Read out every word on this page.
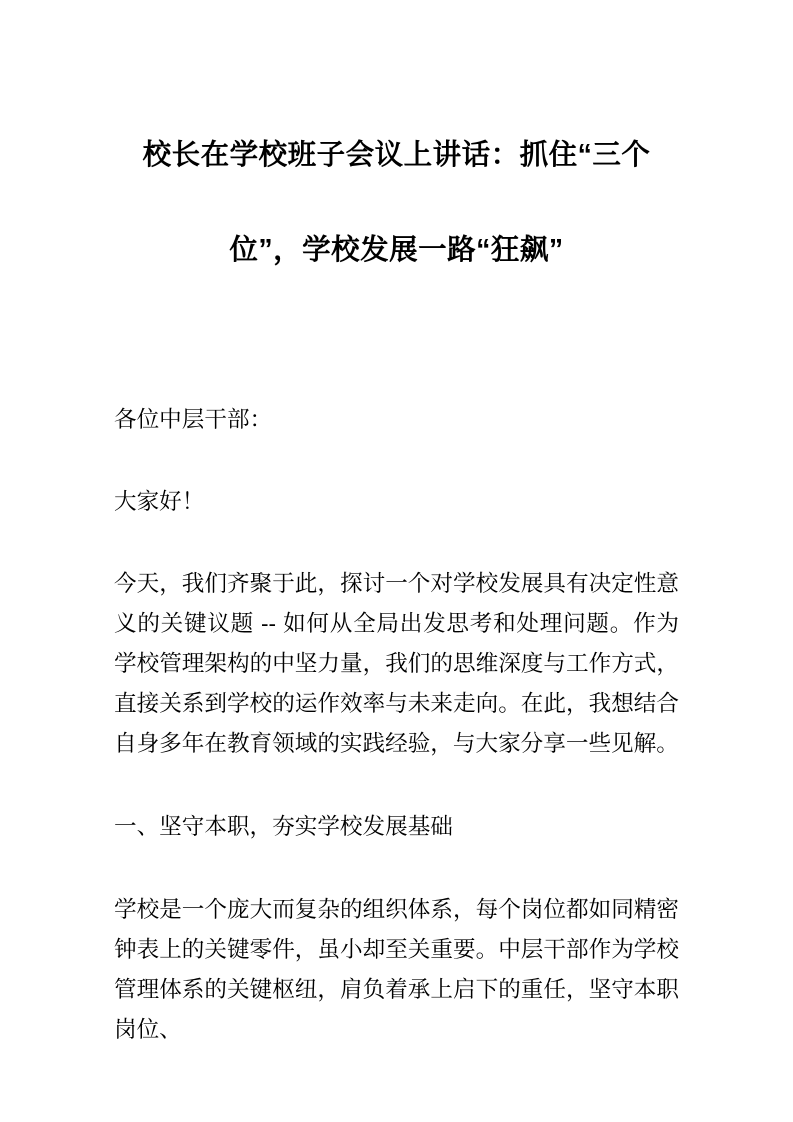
校长在学校班子会议上讲话：抓住“三个
位”，学校发展一路“狂飙”

各位中层干部：

大家好！

今天，我们齐聚于此，探讨一个对学校发展具有决定性意义的关键议题 -- 如何从全局出发思考和处理问题。作为学校管理架构的中坚力量，我们的思维深度与工作方式，直接关系到学校的运作效率与未来走向。在此，我想结合自身多年在教育领域的实践经验，与大家分享一些见解。

一、坚守本职，夯实学校发展基础

学校是一个庞大而复杂的组织体系，每个岗位都如同精密钟表上的关键零件，虽小却至关重要。中层干部作为学校管理体系的关键枢纽，肩负着承上启下的重任，坚守本职岗位、
